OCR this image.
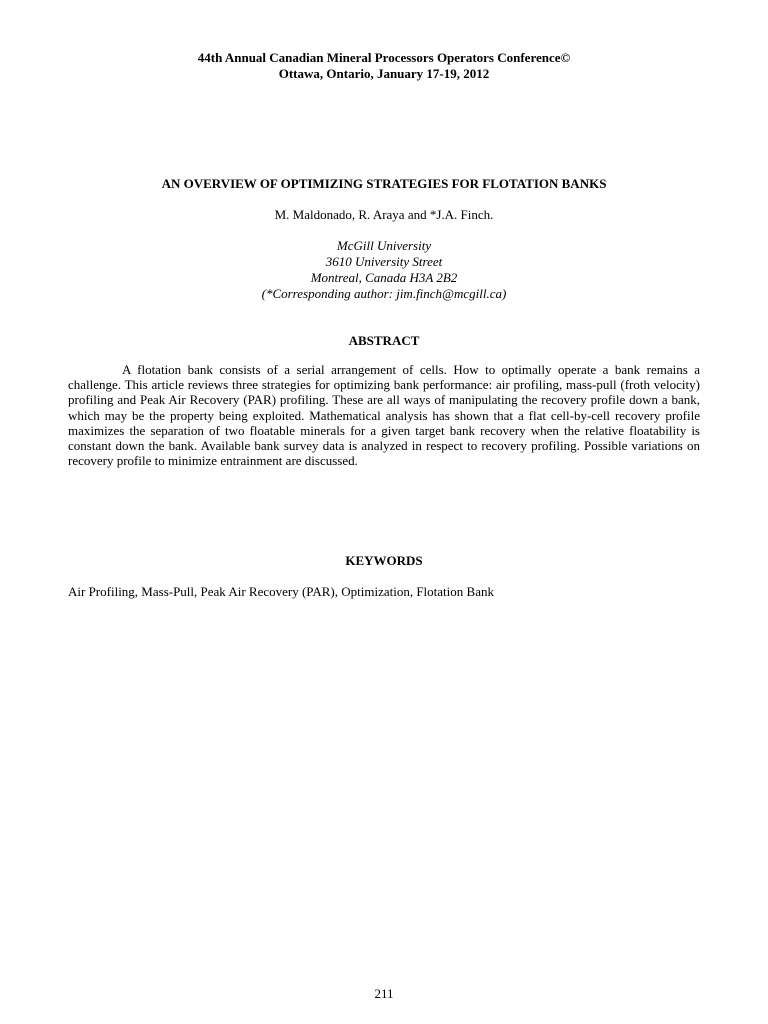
44th Annual Canadian Mineral Processors Operators Conference©
Ottawa, Ontario, January 17-19, 2012
AN OVERVIEW OF OPTIMIZING STRATEGIES FOR FLOTATION BANKS
M. Maldonado, R. Araya and *J.A. Finch.
McGill University
3610 University Street
Montreal, Canada H3A 2B2
(*Corresponding author: jim.finch@mcgill.ca)
ABSTRACT

A flotation bank consists of a serial arrangement of cells. How to optimally operate a bank remains a challenge. This article reviews three strategies for optimizing bank performance: air profiling, mass-pull (froth velocity) profiling and Peak Air Recovery (PAR) profiling. These are all ways of manipulating the recovery profile down a bank, which may be the property being exploited. Mathematical analysis has shown that a flat cell-by-cell recovery profile maximizes the separation of two floatable minerals for a given target bank recovery when the relative floatability is constant down the bank. Available bank survey data is analyzed in respect to recovery profiling. Possible variations on recovery profile to minimize entrainment are discussed.

KEYWORDS

Air Profiling, Mass-Pull, Peak Air Recovery (PAR), Optimization, Flotation Bank

211
